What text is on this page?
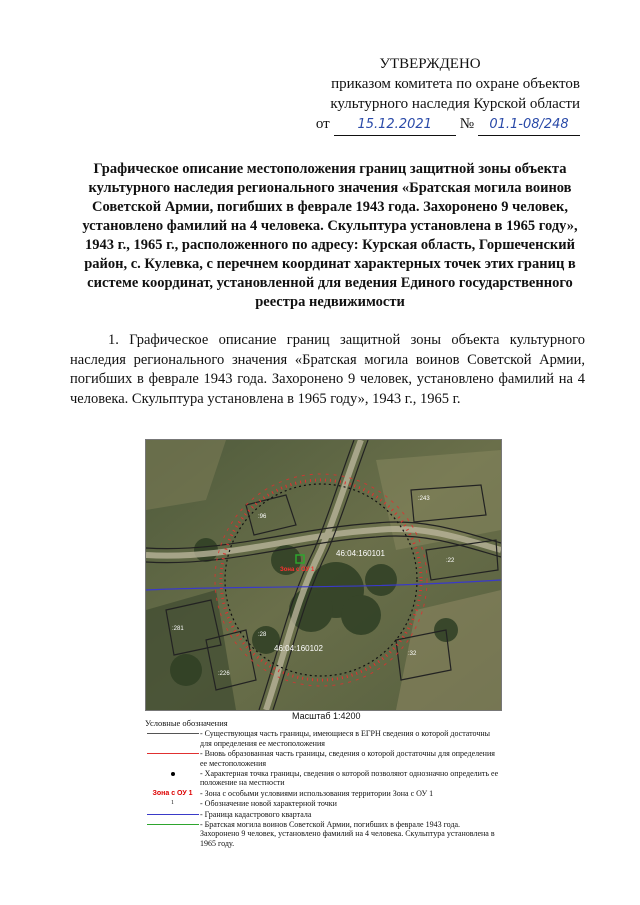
УТВЕРЖДЕНО
приказом комитета по охране объектов
культурного наследия Курской области
от	15.12.2021	№	01.1-08/248
Графическое описание местоположения границ защитной зоны объекта культурного наследия регионального значения «Братская могила воинов Советской Армии, погибших в феврале 1943 года. Захоронено 9 человек, установлено фамилий на 4 человека. Скульптура установлена в 1965 году», 1943 г., 1965 г., расположенного по адресу: Курская область, Горшеченский район, с. Кулевка, с перечнем координат характерных точек этих границ в системе координат, установленной для ведения Единого государственного реестра недвижимости
1. Графическое описание границ защитной зоны объекта культурного наследия регионального значения «Братская могила воинов Советской Армии, погибших в феврале 1943 года. Захоронено 9 человек, установлено фамилий на 4 человека. Скульптура установлена в 1965 году», 1943 г., 1965 г.
46:04:160101
46:04:160102
Зона с ОУ 1
:243
:22
:32
:28
:226
:281
:96
Масштаб 1:4200
Условные обозначения
- Существующая часть границы, имеющиеся в ЕГРН сведения о которой достаточны для определения ее местоположения
- Вновь образованная часть границы, сведения о которой достаточны для определения ее местоположения
- Характерная точка границы, сведения о которой позволяют однозначно определить ее положение на местности
Зона с ОУ 1 - Зона с особыми условиями использования территории Зона с ОУ 1
1	- Обозначение новой характерной точки
- Граница кадастрового квартала
- Братская могила воинов Советской Армии, погибших в феврале 1943 года. Захоронено 9 человек, установлено фамилий на 4 человека. Скульптура установлена в 1965 году.
